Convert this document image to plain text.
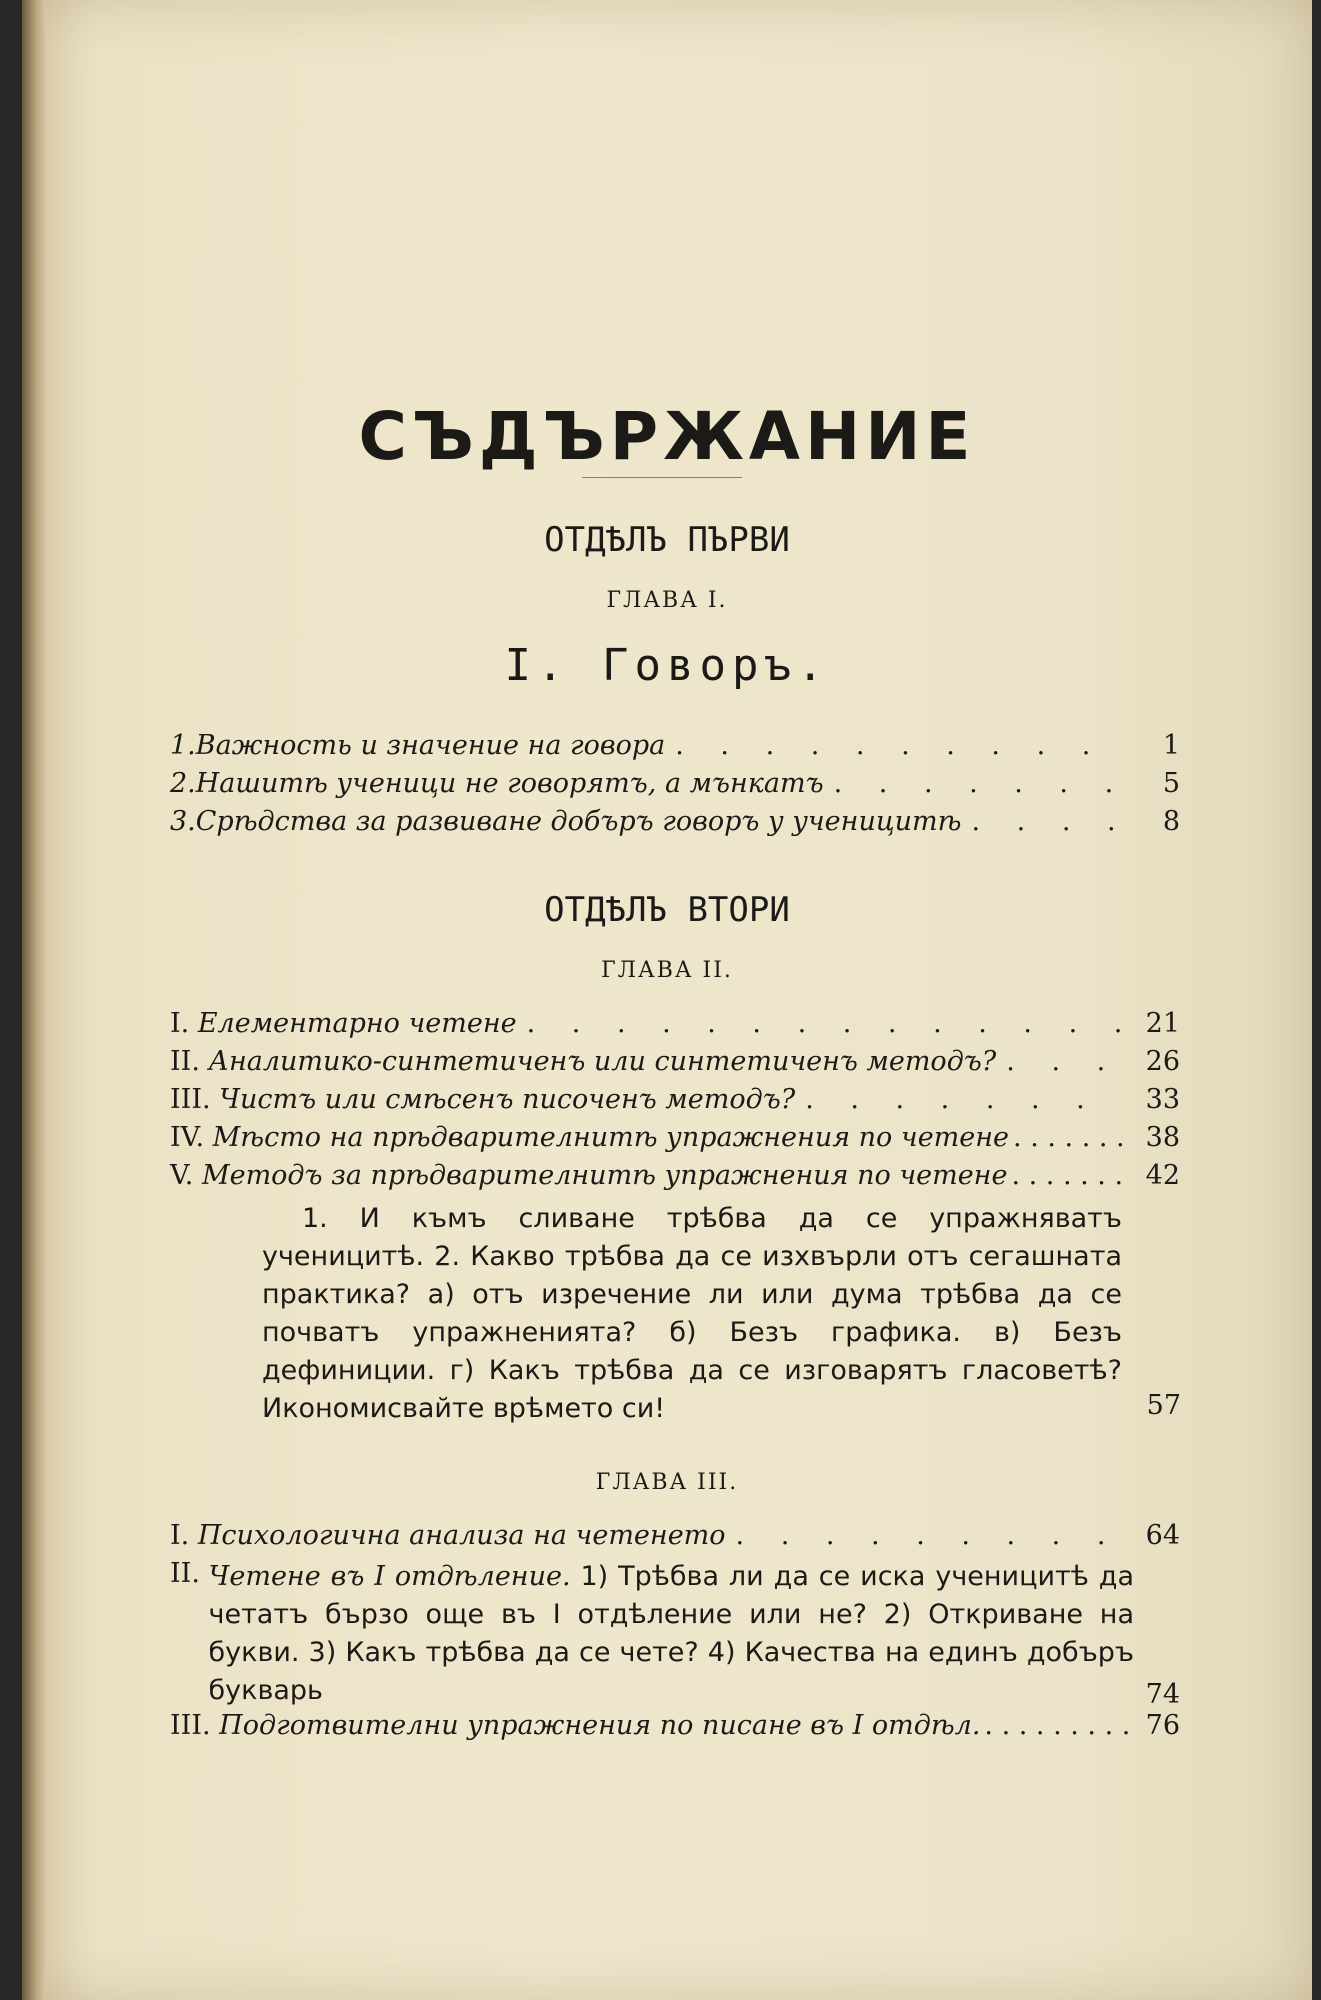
СЪДЪРЖАНИЕ
ОТДѢЛЪ ПЪРВИ
ГЛАВА I.
I. Говоръ.
1. Важность и значение на говора . . .	1
2. Нашитѣ ученици не говорятъ, а мънкатъ . . .	5
3. Срѣдства за развиване добъръ говоръ у ученицитѣ . . .	8
ОТДѢЛЪ ВТОРИ
ГЛАВА II.
I. Елементарно четене . . .	21
II. Аналитико-синтетиченъ или синтетиченъ методъ? . . .	26
III. Чистъ или смѣсенъ писоченъ методъ? . . .	33
IV. Мѣсто на прѣдварителнитѣ упражнения по четене . . .	38
V. Методъ за прѣдварителнитѣ упражнения по четене . . .	42
1. И къмъ сливане трѣбва да се упражняватъ ученицитѣ. 2. Какво трѣбва да се изхвърли отъ сегашната практика? а) отъ изречение ли или дума трѣбва да се почватъ упражненията? б) Безъ графика. в) Безъ дефиниции. г) Какъ трѣбва да се изговарятъ гласоветѣ? Икономисвайте врѣмето си!	57
ГЛАВА III.
I. Психологична анализа на четенето . . .	64
II. Четене въ I отдѣление. 1) Трѣбва ли да се иска ученицитѣ да четатъ бързо още въ I отдѣление или не? 2) Откриване на букви. 3) Какъ трѣбва да се чете? 4) Качества на единъ добъръ букварь	74
III. Подготвителни упражнения по писане въ I отдѣл. . . .	76
